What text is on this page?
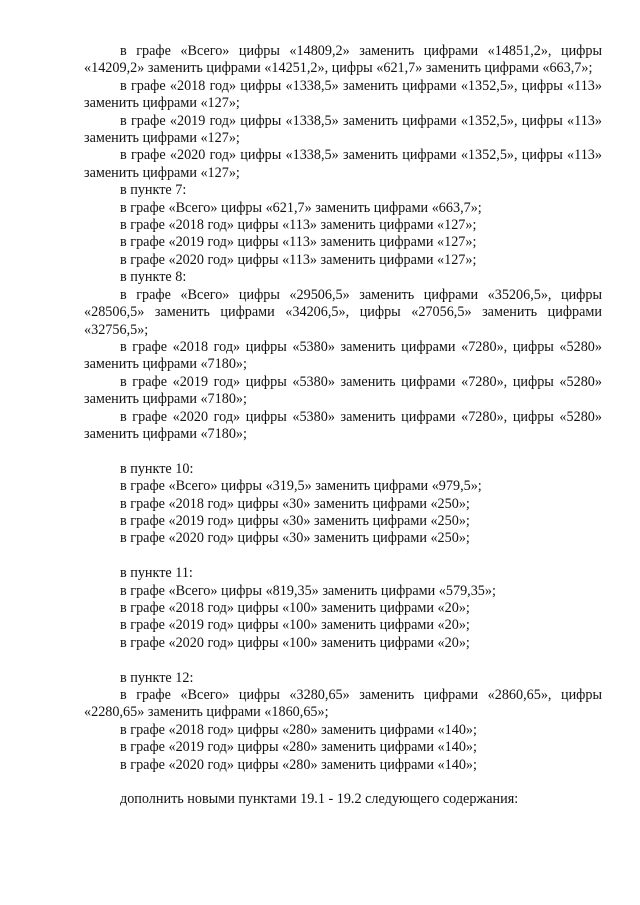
в графе «Всего» цифры «14809,2» заменить цифрами «14851,2», цифры «14209,2» заменить цифрами «14251,2», цифры «621,7» заменить цифрами «663,7»;

в графе «2018 год» цифры «1338,5» заменить цифрами «1352,5», цифры «113» заменить цифрами «127»;

в графе «2019 год» цифры «1338,5» заменить цифрами «1352,5», цифры «113» заменить цифрами «127»;

в графе «2020 год» цифры «1338,5» заменить цифрами «1352,5», цифры «113» заменить цифрами «127»;

в пункте 7:

в графе «Всего» цифры «621,7» заменить цифрами «663,7»;

в графе «2018 год» цифры «113» заменить цифрами «127»;

в графе «2019 год» цифры «113» заменить цифрами «127»;

в графе «2020 год» цифры «113» заменить цифрами «127»;

в пункте 8:

в графе «Всего» цифры «29506,5» заменить цифрами «35206,5», цифры «28506,5» заменить цифрами «34206,5», цифры «27056,5» заменить цифрами «32756,5»;

в графе «2018 год» цифры «5380» заменить цифрами «7280», цифры «5280» заменить цифрами «7180»;

в графе «2019 год» цифры «5380» заменить цифрами «7280», цифры «5280» заменить цифрами «7180»;

в графе «2020 год» цифры «5380» заменить цифрами «7280», цифры «5280» заменить цифрами «7180»;

в пункте 10:

в графе «Всего» цифры «319,5» заменить цифрами «979,5»;

в графе «2018 год» цифры «30» заменить цифрами «250»;

в графе «2019 год» цифры «30» заменить цифрами «250»;

в графе «2020 год» цифры «30» заменить цифрами «250»;

в пункте 11:

в графе «Всего» цифры «819,35» заменить цифрами «579,35»;

в графе «2018 год» цифры «100» заменить цифрами «20»;

в графе «2019 год» цифры «100» заменить цифрами «20»;

в графе «2020 год» цифры «100» заменить цифрами «20»;

в пункте 12:

в графе «Всего» цифры «3280,65» заменить цифрами «2860,65», цифры «2280,65» заменить цифрами «1860,65»;

в графе «2018 год» цифры «280» заменить цифрами «140»;

в графе «2019 год» цифры «280» заменить цифрами «140»;

в графе «2020 год» цифры «280» заменить цифрами «140»;

дополнить новыми пунктами 19.1 - 19.2 следующего содержания:
